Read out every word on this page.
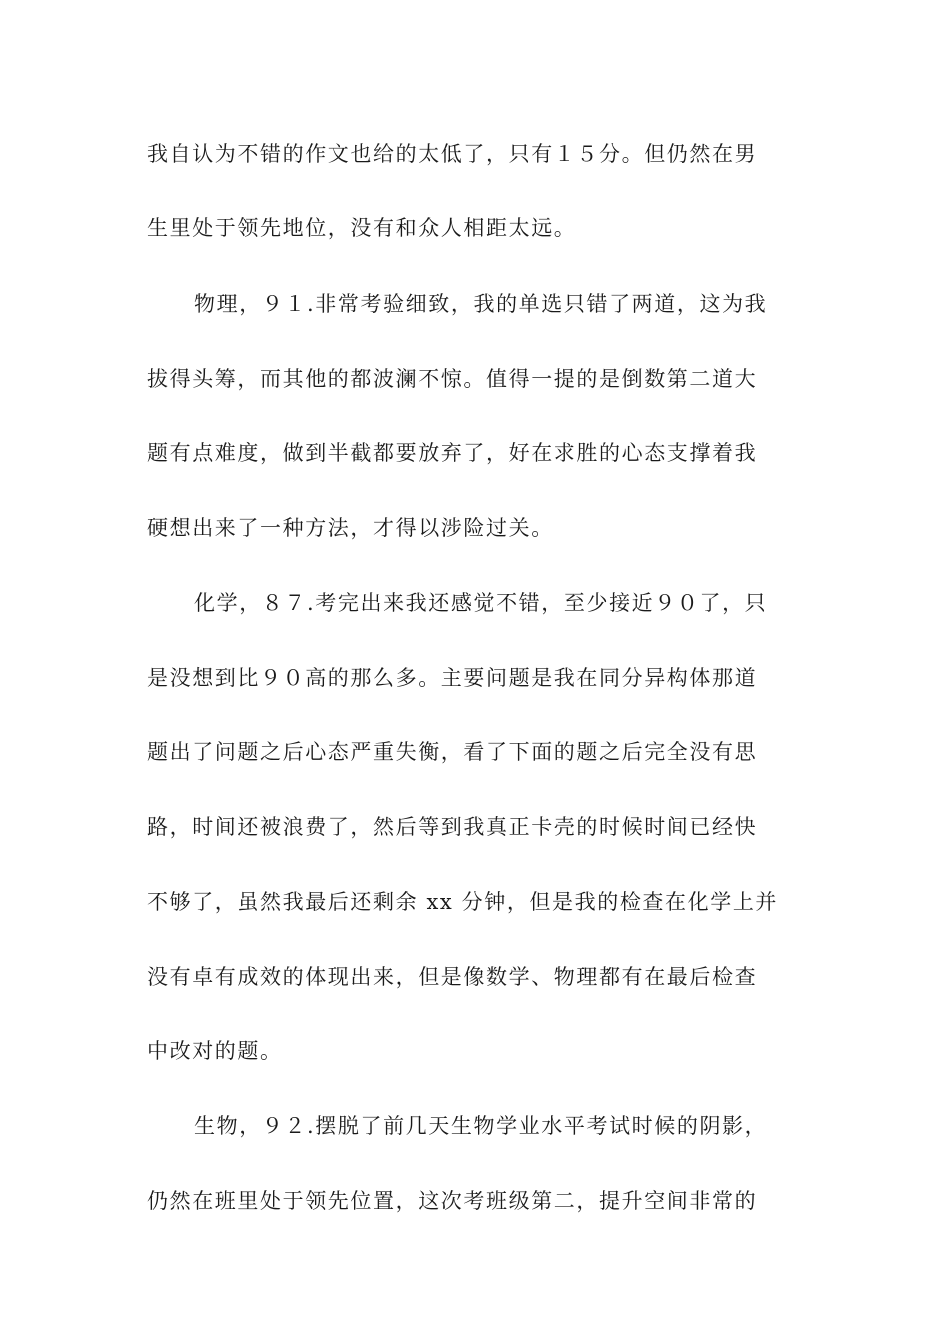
我自认为不错的作文也给的太低了，只有１５分。但仍然在男
生里处于领先地位，没有和众人相距太远。
物理，９１.非常考验细致，我的单选只错了两道，这为我
拔得头筹，而其他的都波澜不惊。值得一提的是倒数第二道大
题有点难度，做到半截都要放弃了，好在求胜的心态支撑着我
硬想出来了一种方法，才得以涉险过关。
化学，８７.考完出来我还感觉不错，至少接近９０了，只
是没想到比９０高的那么多。主要问题是我在同分异构体那道
题出了问题之后心态严重失衡，看了下面的题之后完全没有思
路，时间还被浪费了，然后等到我真正卡壳的时候时间已经快
不够了，虽然我最后还剩余 xx 分钟，但是我的检查在化学上并
没有卓有成效的体现出来，但是像数学、物理都有在最后检查
中改对的题。
生物，９２.摆脱了前几天生物学业水平考试时候的阴影，
仍然在班里处于领先位置，这次考班级第二，提升空间非常的
